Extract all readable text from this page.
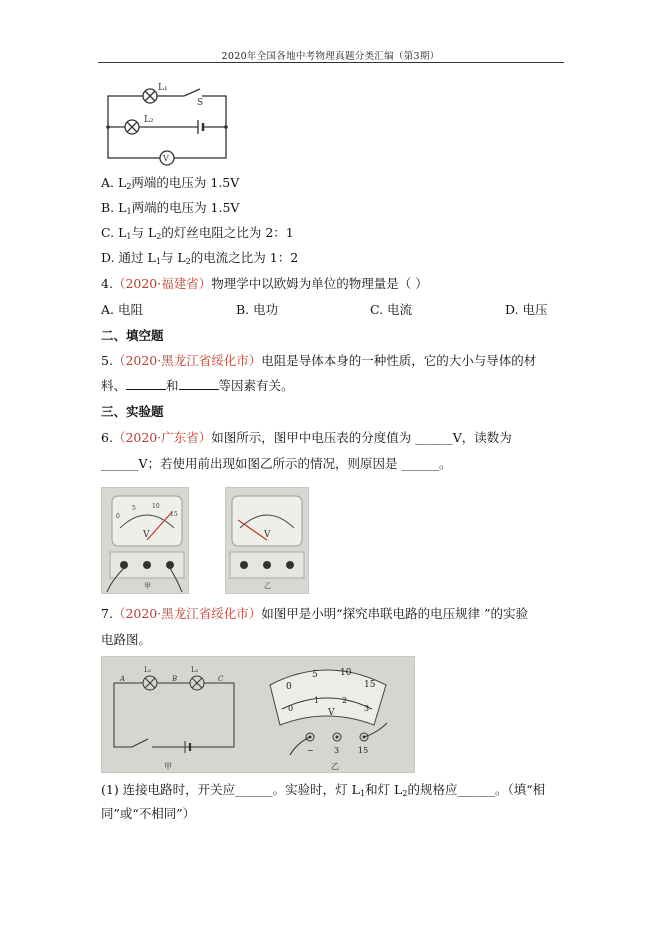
2020年全国各地中考物理真题分类汇编（第3期）
L₁
S
L₂
V
A. $L_2$两端的电压为 1.5V
B. $L_1$两端的电压为 1.5V
C. $L_1$与 $L_2$的灯丝电阻之比为 2：1
D. 通过 $L_1$与 $L_2$的电流之比为 1：2
4.（2020·福建省）物理学中以欧姆为单位的物理量是（ ）
A. 电阻	B. 电功	C. 电流	D. 电压
二、填空题
5.（2020·黑龙江省绥化市）电阻是导体本身的一种性质，它的大小与导体的材
料、	和	等因素有关。
三、实验题
6.（2020·广东省）如图所示，图甲中电压表的分度值为 ______V，读数为
______V；若使用前出现如图乙所示的情况，则原因是 ______。
0
5	10
15
V
甲
V
乙
7.（2020·黑龙江省绥化市）如图甲是小明“探究串联电路的电压规律 ”的实验
电路图。
A
L₁
B
L₂
C
甲
0
5 10
15
0
1	2
3
V
−	3 15
乙
(1) 连接电路时，开关应______。实验时，灯 $L_1$和灯 $L_2$的规格应______。（填“相
同”或“不相同”）
